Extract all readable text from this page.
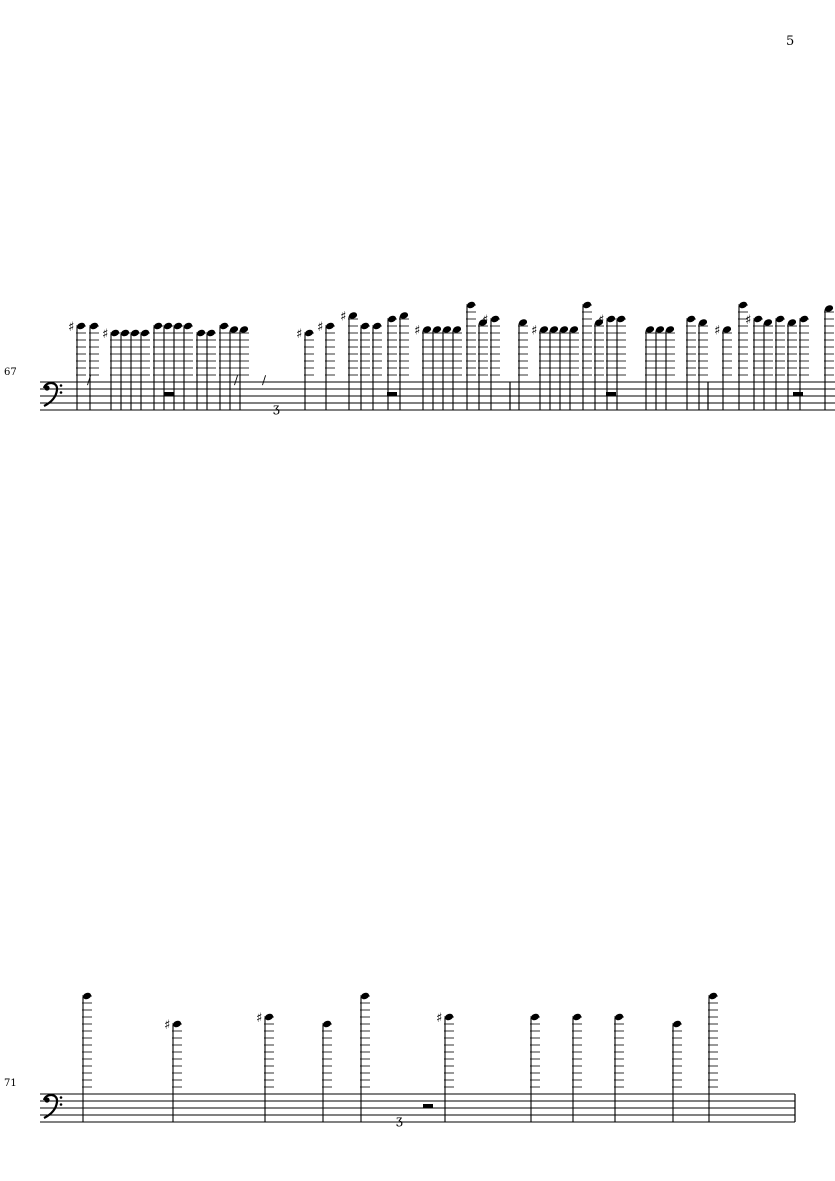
5
67
♯ ♯	♯ ♯
♯
♯
♯
♯
♯
♯
♯
∕	∕ ∕
ʒ
71
♯	♯	♯
ʒ
